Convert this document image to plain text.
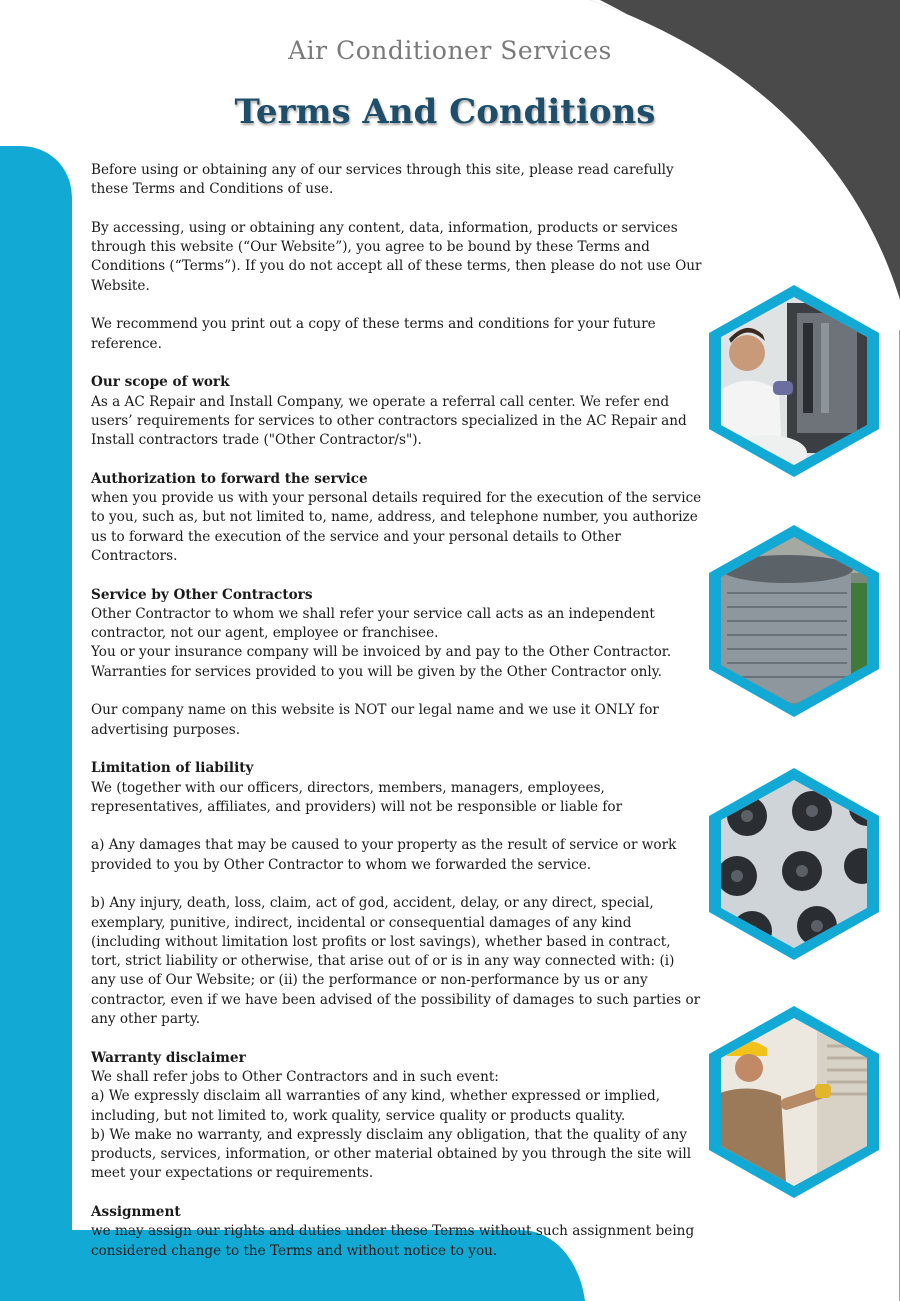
Air Conditioner Services
Terms And Conditions

Before using or obtaining any of our services through this site, please read carefully these Terms and Conditions of use.

By accessing, using or obtaining any content, data, information, products or services through this website (“Our Website”), you agree to be bound by these Terms and Conditions (“Terms”). If you do not accept all of these terms, then please do not use Our Website.

We recommend you print out a copy of these terms and conditions for your future reference.

Our scope of work
As a AC Repair and Install Company, we operate a referral call center. We refer end users’ requirements for services to other contractors specialized in the AC Repair and Install contractors trade ("Other Contractor/s").

Authorization to forward the service
when you provide us with your personal details required for the execution of the service to you, such as, but not limited to, name, address, and telephone number, you authorize us to forward the execution of the service and your personal details to Other Contractors.

Service by Other Contractors
Other Contractor to whom we shall refer your service call acts as an independent contractor, not our agent, employee or franchisee.
You or your insurance company will be invoiced by and pay to the Other Contractor.
Warranties for services provided to you will be given by the Other Contractor only.

Our company name on this website is NOT our legal name and we use it ONLY for advertising purposes.

Limitation of liability
We (together with our officers, directors, members, managers, employees, representatives, affiliates, and providers) will not be responsible or liable for

a) Any damages that may be caused to your property as the result of service or work provided to you by Other Contractor to whom we forwarded the service.

b) Any injury, death, loss, claim, act of god, accident, delay, or any direct, special, exemplary, punitive, indirect, incidental or consequential damages of any kind (including without limitation lost profits or lost savings), whether based in contract, tort, strict liability or otherwise, that arise out of or is in any way connected with: (i) any use of Our Website; or (ii) the performance or non-performance by us or any contractor, even if we have been advised of the possibility of damages to such parties or any other party.

Warranty disclaimer
We shall refer jobs to Other Contractors and in such event:
a) We expressly disclaim all warranties of any kind, whether expressed or implied, including, but not limited to, work quality, service quality or products quality.
b) We make no warranty, and expressly disclaim any obligation, that the quality of any products, services, information, or other material obtained by you through the site will meet your expectations or requirements.

Assignment
we may assign our rights and duties under these Terms without such assignment being considered change to the Terms and without notice to you.
